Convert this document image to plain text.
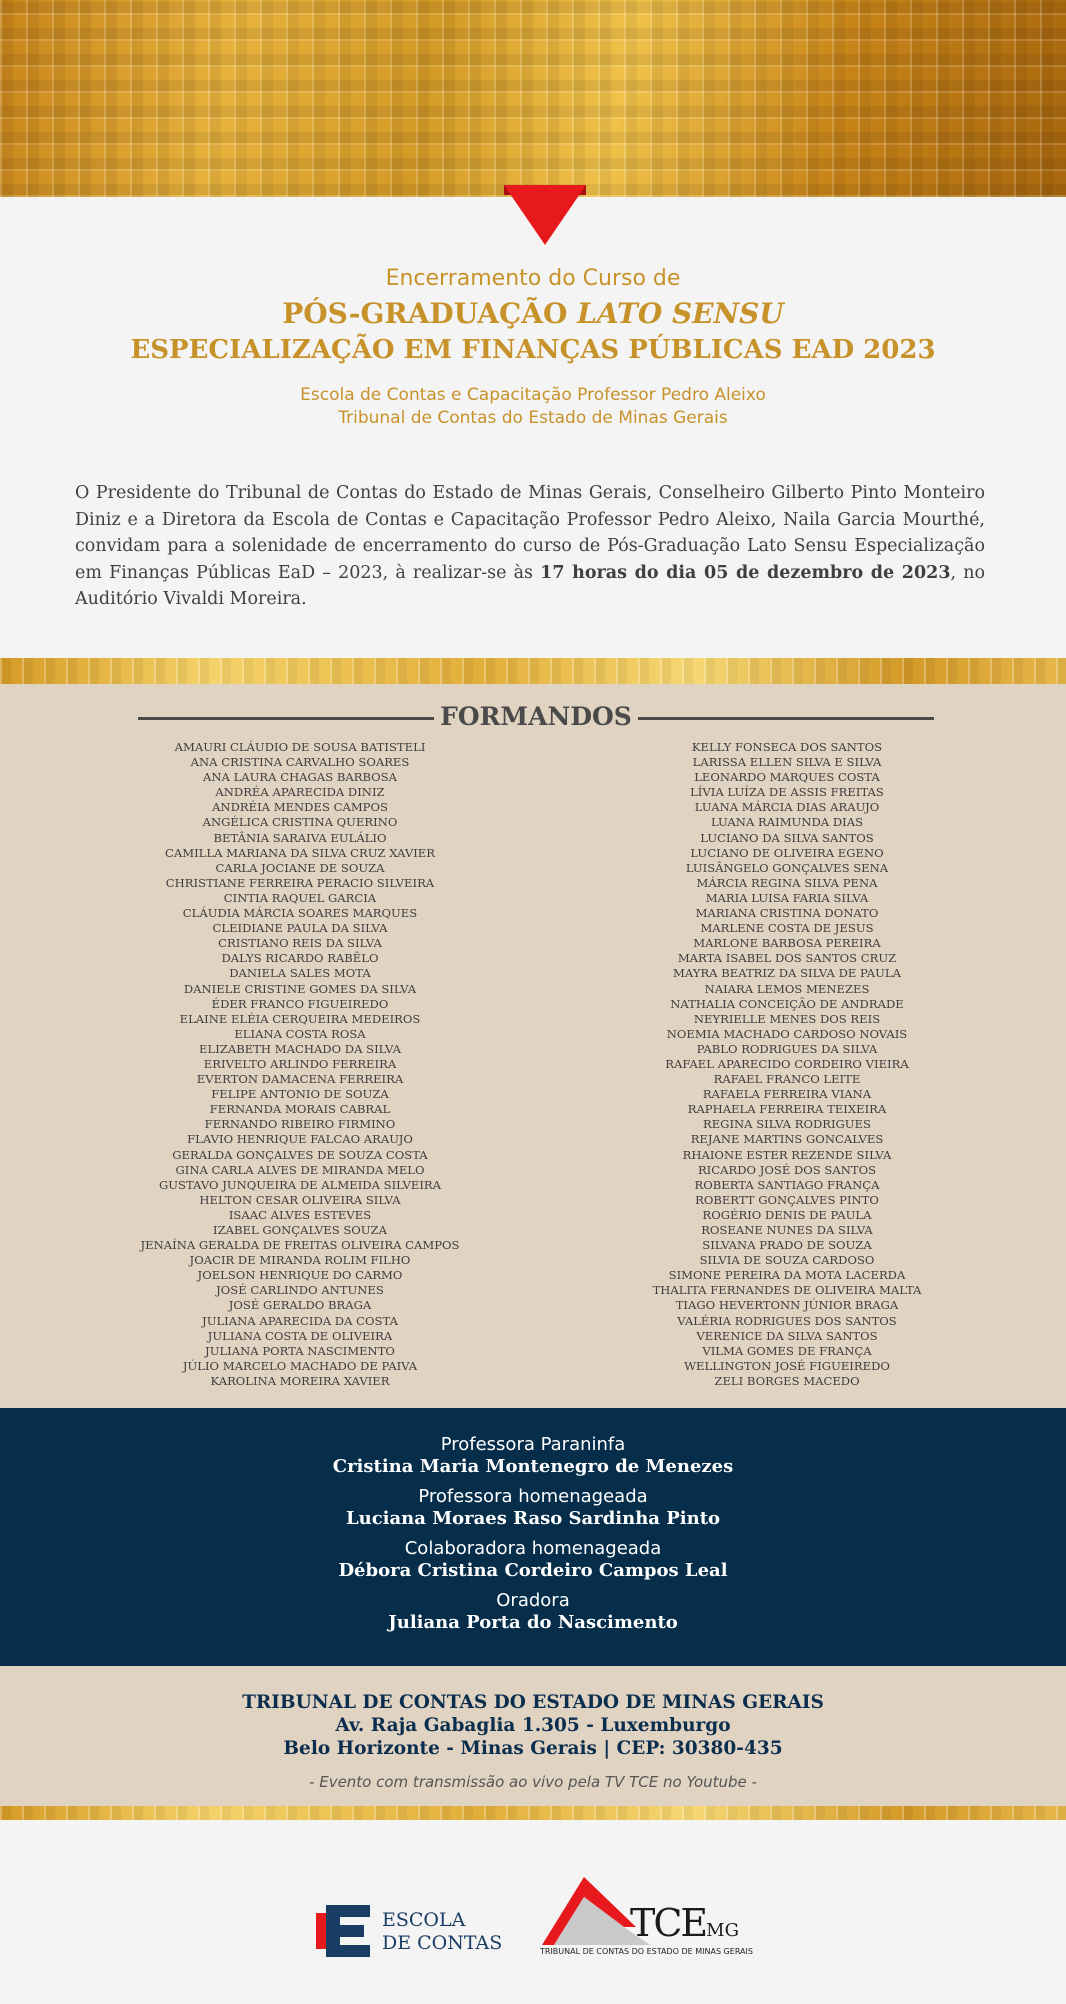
Encerramento do Curso de

PÓS-GRADUAÇÃO LATO SENSU

ESPECIALIZAÇÃO EM FINANÇAS PÚBLICAS EAD 2023

Escola de Contas e Capacitação Professor Pedro Aleixo

Tribunal de Contas do Estado de Minas Gerais

O Presidente do Tribunal de Contas do Estado de Minas Gerais, Conselheiro Gilberto Pinto Monteiro Diniz e a Diretora da Escola de Contas e Capacitação Professor Pedro Aleixo, Naila Garcia Mourthé, convidam para a solenidade de encerramento do curso de Pós-Graduação Lato Sensu Especialização em Finanças Públicas EaD – 2023, à realizar-se às 17 horas do dia 05 de dezembro de 2023, no Auditório Vivaldi Moreira.

FORMANDOS
AMAURI CLÁUDIO DE SOUSA BATISTELI
ANA CRISTINA CARVALHO SOARES
ANA LAURA CHAGAS BARBOSA
ANDRÉA APARECIDA DINIZ
ANDRÉIA MENDES CAMPOS
ANGÉLICA CRISTINA QUERINO
BETÂNIA SARAIVA EULÁLIO
CAMILLA MARIANA DA SILVA CRUZ XAVIER
CARLA JOCIANE DE SOUZA
CHRISTIANE FERREIRA PERACIO SILVEIRA
CINTIA RAQUEL GARCIA
CLÁUDIA MÁRCIA SOARES MARQUES
CLEIDIANE PAULA DA SILVA
CRISTIANO REIS DA SILVA
DALYS RICARDO RABÊLO
DANIELA SALES MOTA
DANIELE CRISTINE GOMES DA SILVA
ÉDER FRANCO FIGUEIREDO
ELAINE ELÉIA CERQUEIRA MEDEIROS
ELIANA COSTA ROSA
ELIZABETH MACHADO DA SILVA
ERIVELTO ARLINDO FERREIRA
EVERTON DAMACENA FERREIRA
FELIPE ANTONIO DE SOUZA
FERNANDA MORAIS CABRAL
FERNANDO RIBEIRO FIRMINO
FLAVIO HENRIQUE FALCAO ARAUJO
GERALDA GONÇALVES DE SOUZA COSTA
GINA CARLA ALVES DE MIRANDA MELO
GUSTAVO JUNQUEIRA DE ALMEIDA SILVEIRA
HELTON CESAR OLIVEIRA SILVA
ISAAC ALVES ESTEVES
IZABEL GONÇALVES SOUZA
JENAÍNA GERALDA DE FREITAS OLIVEIRA CAMPOS
JOACIR DE MIRANDA ROLIM FILHO
JOELSON HENRIQUE DO CARMO
JOSÉ CARLINDO ANTUNES
JOSÉ GERALDO BRAGA
JULIANA APARECIDA DA COSTA
JULIANA COSTA DE OLIVEIRA
JULIANA PORTA NASCIMENTO
JÚLIO MARCELO MACHADO DE PAIVA
KAROLINA MOREIRA XAVIER
KELLY FONSECA DOS SANTOS
LARISSA ELLEN SILVA E SILVA
LEONARDO MARQUES COSTA
LÍVIA LUÍZA DE ASSIS FREITAS
LUANA MÁRCIA DIAS ARAUJO
LUANA RAIMUNDA DIAS
LUCIANO DA SILVA SANTOS
LUCIANO DE OLIVEIRA EGENO
LUISÂNGELO GONÇALVES SENA
MÁRCIA REGINA SILVA PENA
MARIA LUISA FARIA SILVA
MARIANA CRISTINA DONATO
MARLENE COSTA DE JESUS
MARLONE BARBOSA PEREIRA
MARTA ISABEL DOS SANTOS CRUZ
MAYRA BEATRIZ DA SILVA DE PAULA
NAIARA LEMOS MENEZES
NATHALIA CONCEIÇÃO DE ANDRADE
NEYRIELLE MENES DOS REIS
NOEMIA MACHADO CARDOSO NOVAIS
PABLO RODRIGUES DA SILVA
RAFAEL APARECIDO CORDEIRO VIEIRA
RAFAEL FRANCO LEITE
RAFAELA FERREIRA VIANA
RAPHAELA FERREIRA TEIXEIRA
REGINA SILVA RODRIGUES
REJANE MARTINS GONCALVES
RHAIONE ESTER REZENDE SILVA
RICARDO JOSÉ DOS SANTOS
ROBERTA SANTIAGO FRANÇA
ROBERTT GONÇALVES PINTO
ROGÉRIO DENIS DE PAULA
ROSEANE NUNES DA SILVA
SILVANA PRADO DE SOUZA
SILVIA DE SOUZA CARDOSO
SIMONE PEREIRA DA MOTA LACERDA
THALITA FERNANDES DE OLIVEIRA MALTA
TIAGO HEVERTONN JÚNIOR BRAGA
VALÉRIA RODRIGUES DOS SANTOS
VERENICE DA SILVA SANTOS
VILMA GOMES DE FRANÇA
WELLINGTON JOSÉ FIGUEIREDO
ZELI BORGES MACEDO

Professora Paraninfa

Cristina Maria Montenegro de Menezes

Professora homenageada

Luciana Moraes Raso Sardinha Pinto

Colaboradora homenageada

Débora Cristina Cordeiro Campos Leal

Oradora

Juliana Porta do Nascimento

TRIBUNAL DE CONTAS DO ESTADO DE MINAS GERAIS

Av. Raja Gabaglia 1.305 - Luxemburgo

Belo Horizonte - Minas Gerais | CEP: 30380-435

- Evento com transmissão ao vivo pela TV TCE no Youtube -

ESCOLA
DE CONTAS	TCEMG
TRIBUNAL DE CONTAS DO ESTADO DE MINAS GERAIS
